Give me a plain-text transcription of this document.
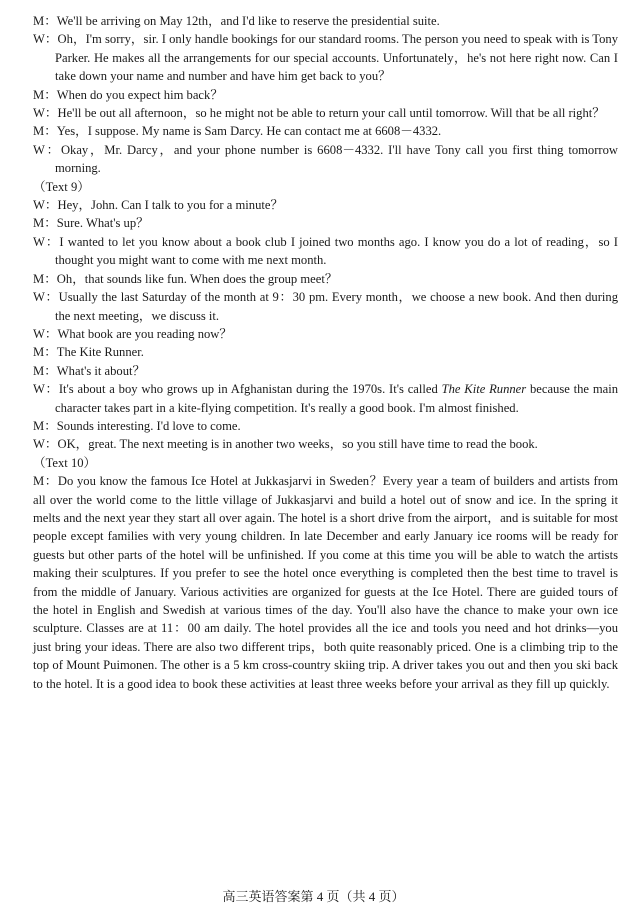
M：We'll be arriving on May 12th，and I'd like to reserve the presidential suite.

W：Oh，I'm sorry，sir. I only handle bookings for our standard rooms. The person you need to speak with is Tony Parker. He makes all the arrangements for our special accounts. Unfortunately，he's not here right now. Can I take down your name and number and have him get back to you？

M：When do you expect him back？

W：He'll be out all afternoon，so he might not be able to return your call until tomorrow. Will that be all right？

M：Yes，I suppose. My name is Sam Darcy. He can contact me at 6608－4332.

W：Okay，Mr. Darcy，and your phone number is 6608－4332. I'll have Tony call you first thing tomorrow morning.

（Text 9）

W：Hey，John. Can I talk to you for a minute？

M：Sure. What's up？

W：I wanted to let you know about a book club I joined two months ago. I know you do a lot of reading，so I thought you might want to come with me next month.

M：Oh，that sounds like fun. When does the group meet？

W：Usually the last Saturday of the month at 9：30 pm. Every month，we choose a new book. And then during the next meeting，we discuss it.

W：What book are you reading now？

M：The Kite Runner.

M：What's it about？

W：It's about a boy who grows up in Afghanistan during the 1970s. It's called The Kite Runner because the main character takes part in a kite-flying competition. It's really a good book. I'm almost finished.

M：Sounds interesting. I'd love to come.

W：OK，great. The next meeting is in another two weeks，so you still have time to read the book.

（Text 10）

M：Do you know the famous Ice Hotel at Jukkasjarvi in Sweden？Every year a team of builders and artists from all over the world come to the little village of Jukkasjarvi and build a hotel out of snow and ice. In the spring it melts and the next year they start all over again. The hotel is a short drive from the airport，and is suitable for most people except families with very young children. In late December and early January ice rooms will be ready for guests but other parts of the hotel will be unfinished. If you come at this time you will be able to watch the artists making their sculptures. If you prefer to see the hotel once everything is completed then the best time to travel is from the middle of January. Various activities are organized for guests at the Ice Hotel. There are guided tours of the hotel in English and Swedish at various times of the day. You'll also have the chance to make your own ice sculpture. Classes are at 11：00 am daily. The hotel provides all the ice and tools you need and hot drinks—you just bring your ideas. There are also two different trips，both quite reasonably priced. One is a climbing trip to the top of Mount Puimonen. The other is a 5 km cross-country skiing trip. A driver takes you out and then you ski back to the hotel. It is a good idea to book these activities at least three weeks before your arrival as they fill up quickly.

高三英语答案第 4 页（共 4 页）
